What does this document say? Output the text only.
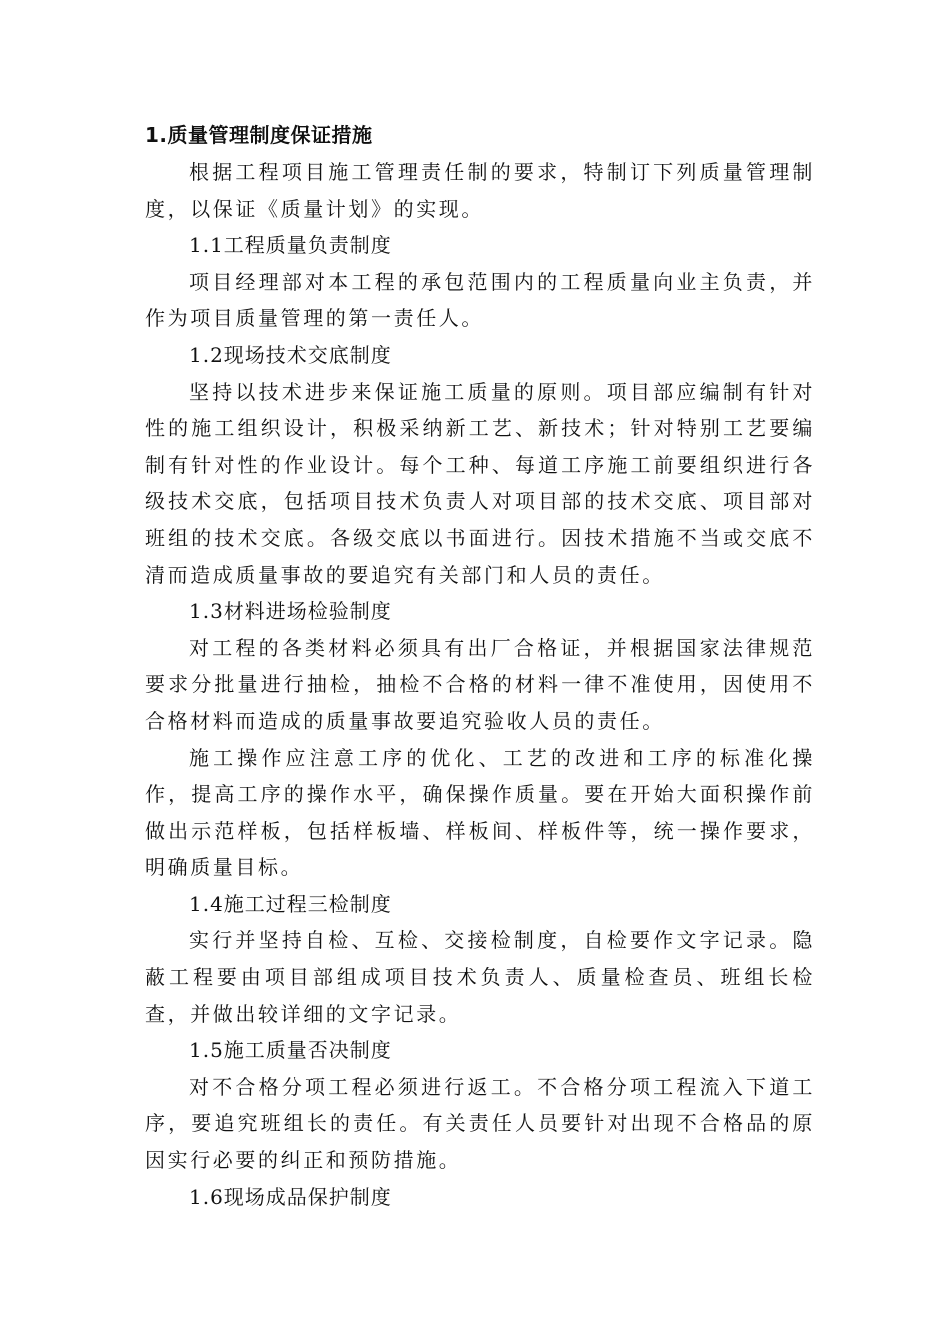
1.质量管理制度保证措施

根据工程项目施工管理责任制的要求，特制订下列质量管理制度，以保证《质量计划》的实现。

1.1工程质量负责制度

项目经理部对本工程的承包范围内的工程质量向业主负责，并作为项目质量管理的第一责任人。

1.2现场技术交底制度

坚持以技术进步来保证施工质量的原则。项目部应编制有针对性的施工组织设计，积极采纳新工艺、新技术；针对特别工艺要编制有针对性的作业设计。每个工种、每道工序施工前要组织进行各级技术交底，包括项目技术负责人对项目部的技术交底、项目部对班组的技术交底。各级交底以书面进行。因技术措施不当或交底不清而造成质量事故的要追究有关部门和人员的责任。

1.3材料进场检验制度

对工程的各类材料必须具有出厂合格证，并根据国家法律规范要求分批量进行抽检，抽检不合格的材料一律不准使用，因使用不合格材料而造成的质量事故要追究验收人员的责任。

施工操作应注意工序的优化、工艺的改进和工序的标准化操作，提高工序的操作水平，确保操作质量。要在开始大面积操作前做出示范样板，包括样板墙、样板间、样板件等，统一操作要求，明确质量目标。

1.4施工过程三检制度

实行并坚持自检、互检、交接检制度，自检要作文字记录。隐蔽工程要由项目部组成项目技术负责人、质量检查员、班组长检查，并做出较详细的文字记录。

1.5施工质量否决制度

对不合格分项工程必须进行返工。不合格分项工程流入下道工序，要追究班组长的责任。有关责任人员要针对出现不合格品的原因实行必要的纠正和预防措施。

1.6现场成品保护制度
